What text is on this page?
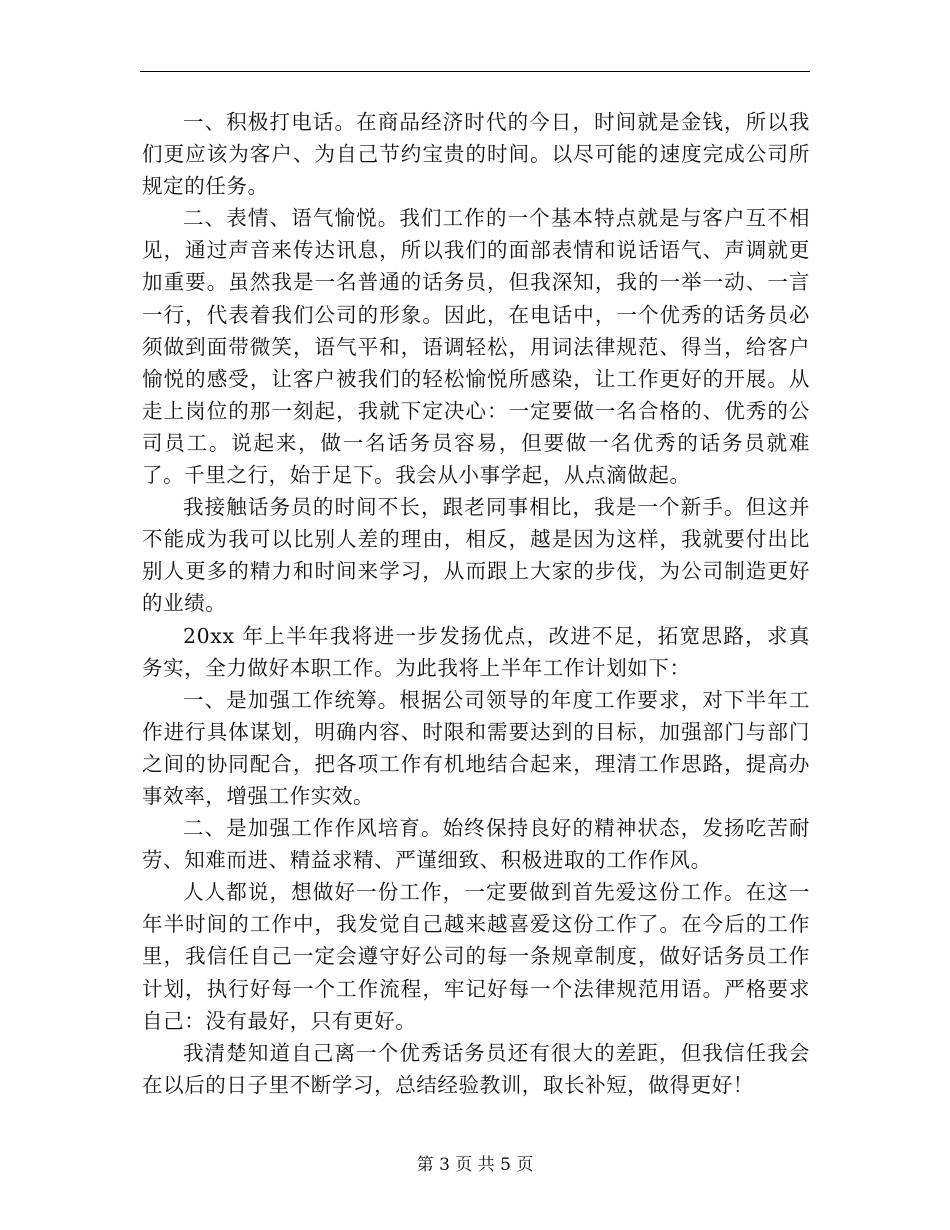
一、积极打电话。在商品经济时代的今日，时间就是金钱，所以我们更应该为客户、为自己节约宝贵的时间。以尽可能的速度完成公司所规定的任务。

二、表情、语气愉悦。我们工作的一个基本特点就是与客户互不相见，通过声音来传达讯息，所以我们的面部表情和说话语气、声调就更加重要。虽然我是一名普通的话务员，但我深知，我的一举一动、一言一行，代表着我们公司的形象。因此，在电话中，一个优秀的话务员必须做到面带微笑，语气平和，语调轻松，用词法律规范、得当，给客户愉悦的感受，让客户被我们的轻松愉悦所感染，让工作更好的开展。从走上岗位的那一刻起，我就下定决心：一定要做一名合格的、优秀的公司员工。说起来，做一名话务员容易，但要做一名优秀的话务员就难了。千里之行，始于足下。我会从小事学起，从点滴做起。

我接触话务员的时间不长，跟老同事相比，我是一个新手。但这并不能成为我可以比别人差的理由，相反，越是因为这样，我就要付出比别人更多的精力和时间来学习，从而跟上大家的步伐，为公司制造更好的业绩。

20xx 年上半年我将进一步发扬优点，改进不足，拓宽思路，求真务实，全力做好本职工作。为此我将上半年工作计划如下：

一、是加强工作统筹。根据公司领导的年度工作要求，对下半年工作进行具体谋划，明确内容、时限和需要达到的目标，加强部门与部门之间的协同配合，把各项工作有机地结合起来，理清工作思路，提高办事效率，增强工作实效。

二、是加强工作作风培育。始终保持良好的精神状态，发扬吃苦耐劳、知难而进、精益求精、严谨细致、积极进取的工作作风。

人人都说，想做好一份工作，一定要做到首先爱这份工作。在这一年半时间的工作中，我发觉自己越来越喜爱这份工作了。在今后的工作里，我信任自己一定会遵守好公司的每一条规章制度，做好话务员工作计划，执行好每一个工作流程，牢记好每一个法律规范用语。严格要求自己：没有最好，只有更好。

我清楚知道自己离一个优秀话务员还有很大的差距，但我信任我会在以后的日子里不断学习，总结经验教训，取长补短，做得更好！

第 3 页 共 5 页
